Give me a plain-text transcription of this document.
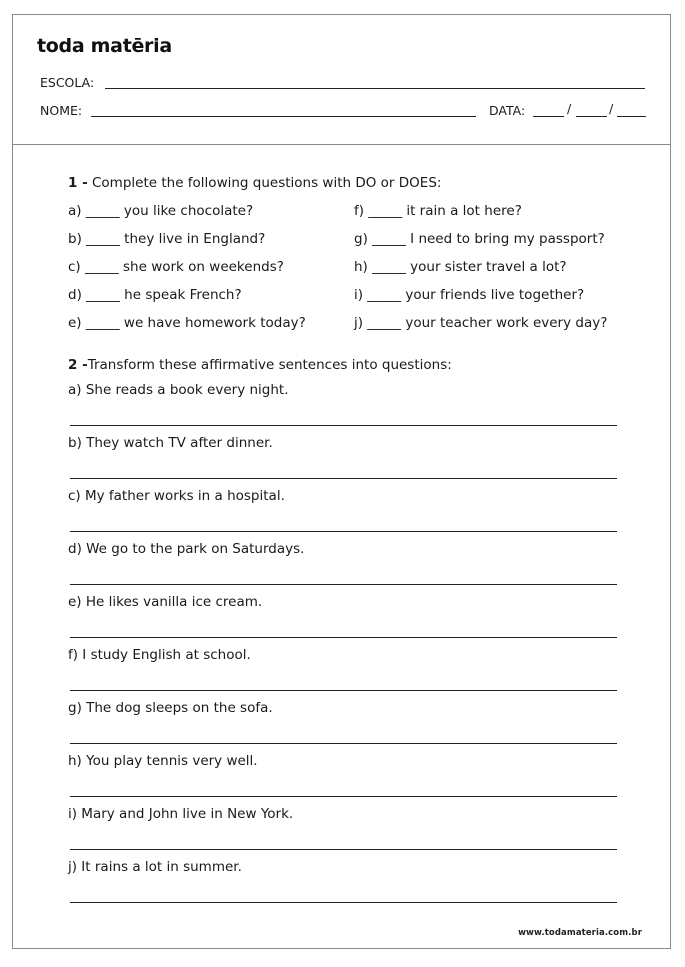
toda matēria
ESCOLA:
NOME:	DATA:	/	/
1 - Complete the following questions with DO or DOES:
a) _____ you like chocolate?
b) _____ they live in England?
c) _____ she work on weekends?
d) _____ he speak French?
e) _____ we have homework today?
f) _____ it rain a lot here?
g) _____ I need to bring my passport?
h) _____ your sister travel a lot?
i) _____ your friends live together?
j) _____ your teacher work every day?
2 -Transform these affirmative sentences into questions:
a) She reads a book every night.
b) They watch TV after dinner.
c) My father works in a hospital.
d) We go to the park on Saturdays.
e) He likes vanilla ice cream.
f) I study English at school.
g) The dog sleeps on the sofa.
h) You play tennis very well.
i) Mary and John live in New York.
j) It rains a lot in summer.
www.todamateria.com.br
